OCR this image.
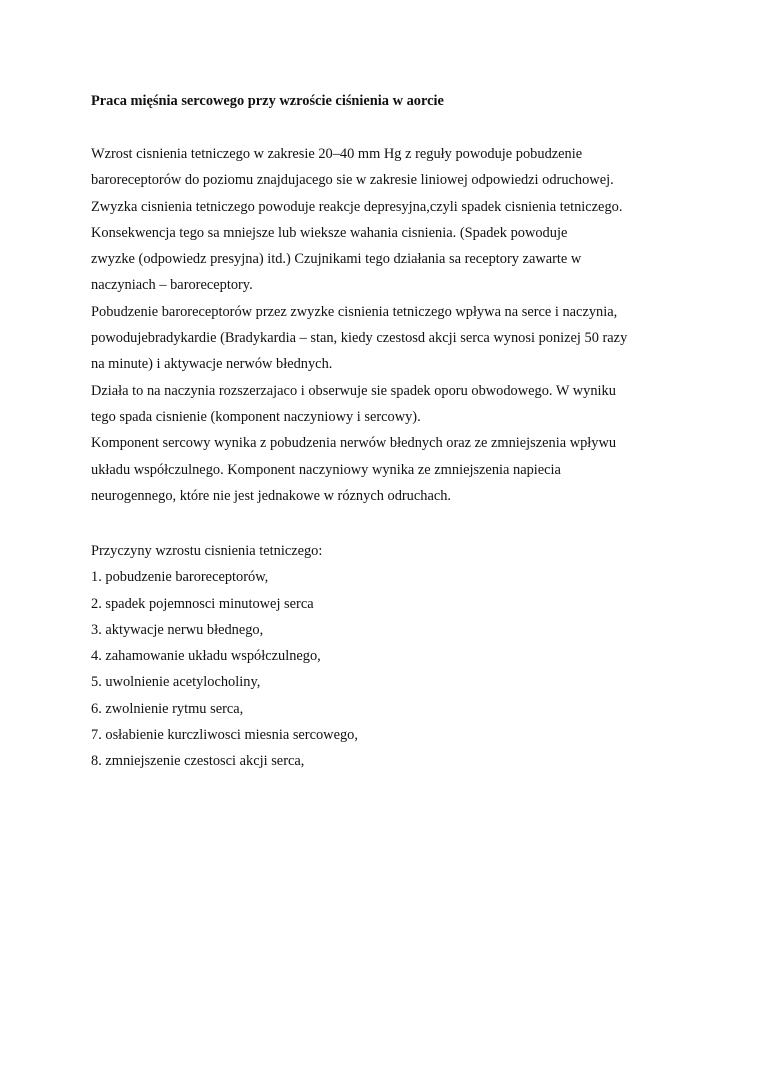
Praca mięśnia sercowego przy wzroście ciśnienia w aorcie
Wzrost cisnienia tetniczego w zakresie 20–40 mm Hg z reguły powoduje pobudzenie
baroreceptorów do poziomu znajdujacego sie w zakresie liniowej odpowiedzi odruchowej.
Zwyzka cisnienia tetniczego powoduje reakcje depresyjna,czyli spadek cisnienia tetniczego.
Konsekwencja tego sa mniejsze lub wieksze wahania cisnienia. (Spadek powoduje
zwyzke (odpowiedz presyjna) itd.) Czujnikami tego działania sa receptory zawarte w
naczyniach – baroreceptory.
Pobudzenie baroreceptorów przez zwyzke cisnienia tetniczego wpływa na serce i naczynia,
powodujebradykardie (Bradykardia – stan, kiedy czestosd akcji serca wynosi ponizej 50 razy
na minute) i aktywacje nerwów błednych.
Działa to na naczynia rozszerzajaco i obserwuje sie spadek oporu obwodowego. W wyniku
tego spada cisnienie (komponent naczyniowy i sercowy).
Komponent sercowy wynika z pobudzenia nerwów błednych oraz ze zmniejszenia wpływu
układu współczulnego. Komponent naczyniowy wynika ze zmniejszenia napiecia
neurogennego, które nie jest jednakowe w róznych odruchach.
Przyczyny wzrostu cisnienia tetniczego:
1. pobudzenie baroreceptorów,
2. spadek pojemnosci minutowej serca
3. aktywacje nerwu błednego,
4. zahamowanie układu współczulnego,
5. uwolnienie acetylocholiny,
6. zwolnienie rytmu serca,
7. osłabienie kurczliwosci miesnia sercowego,
8. zmniejszenie czestosci akcji serca,
